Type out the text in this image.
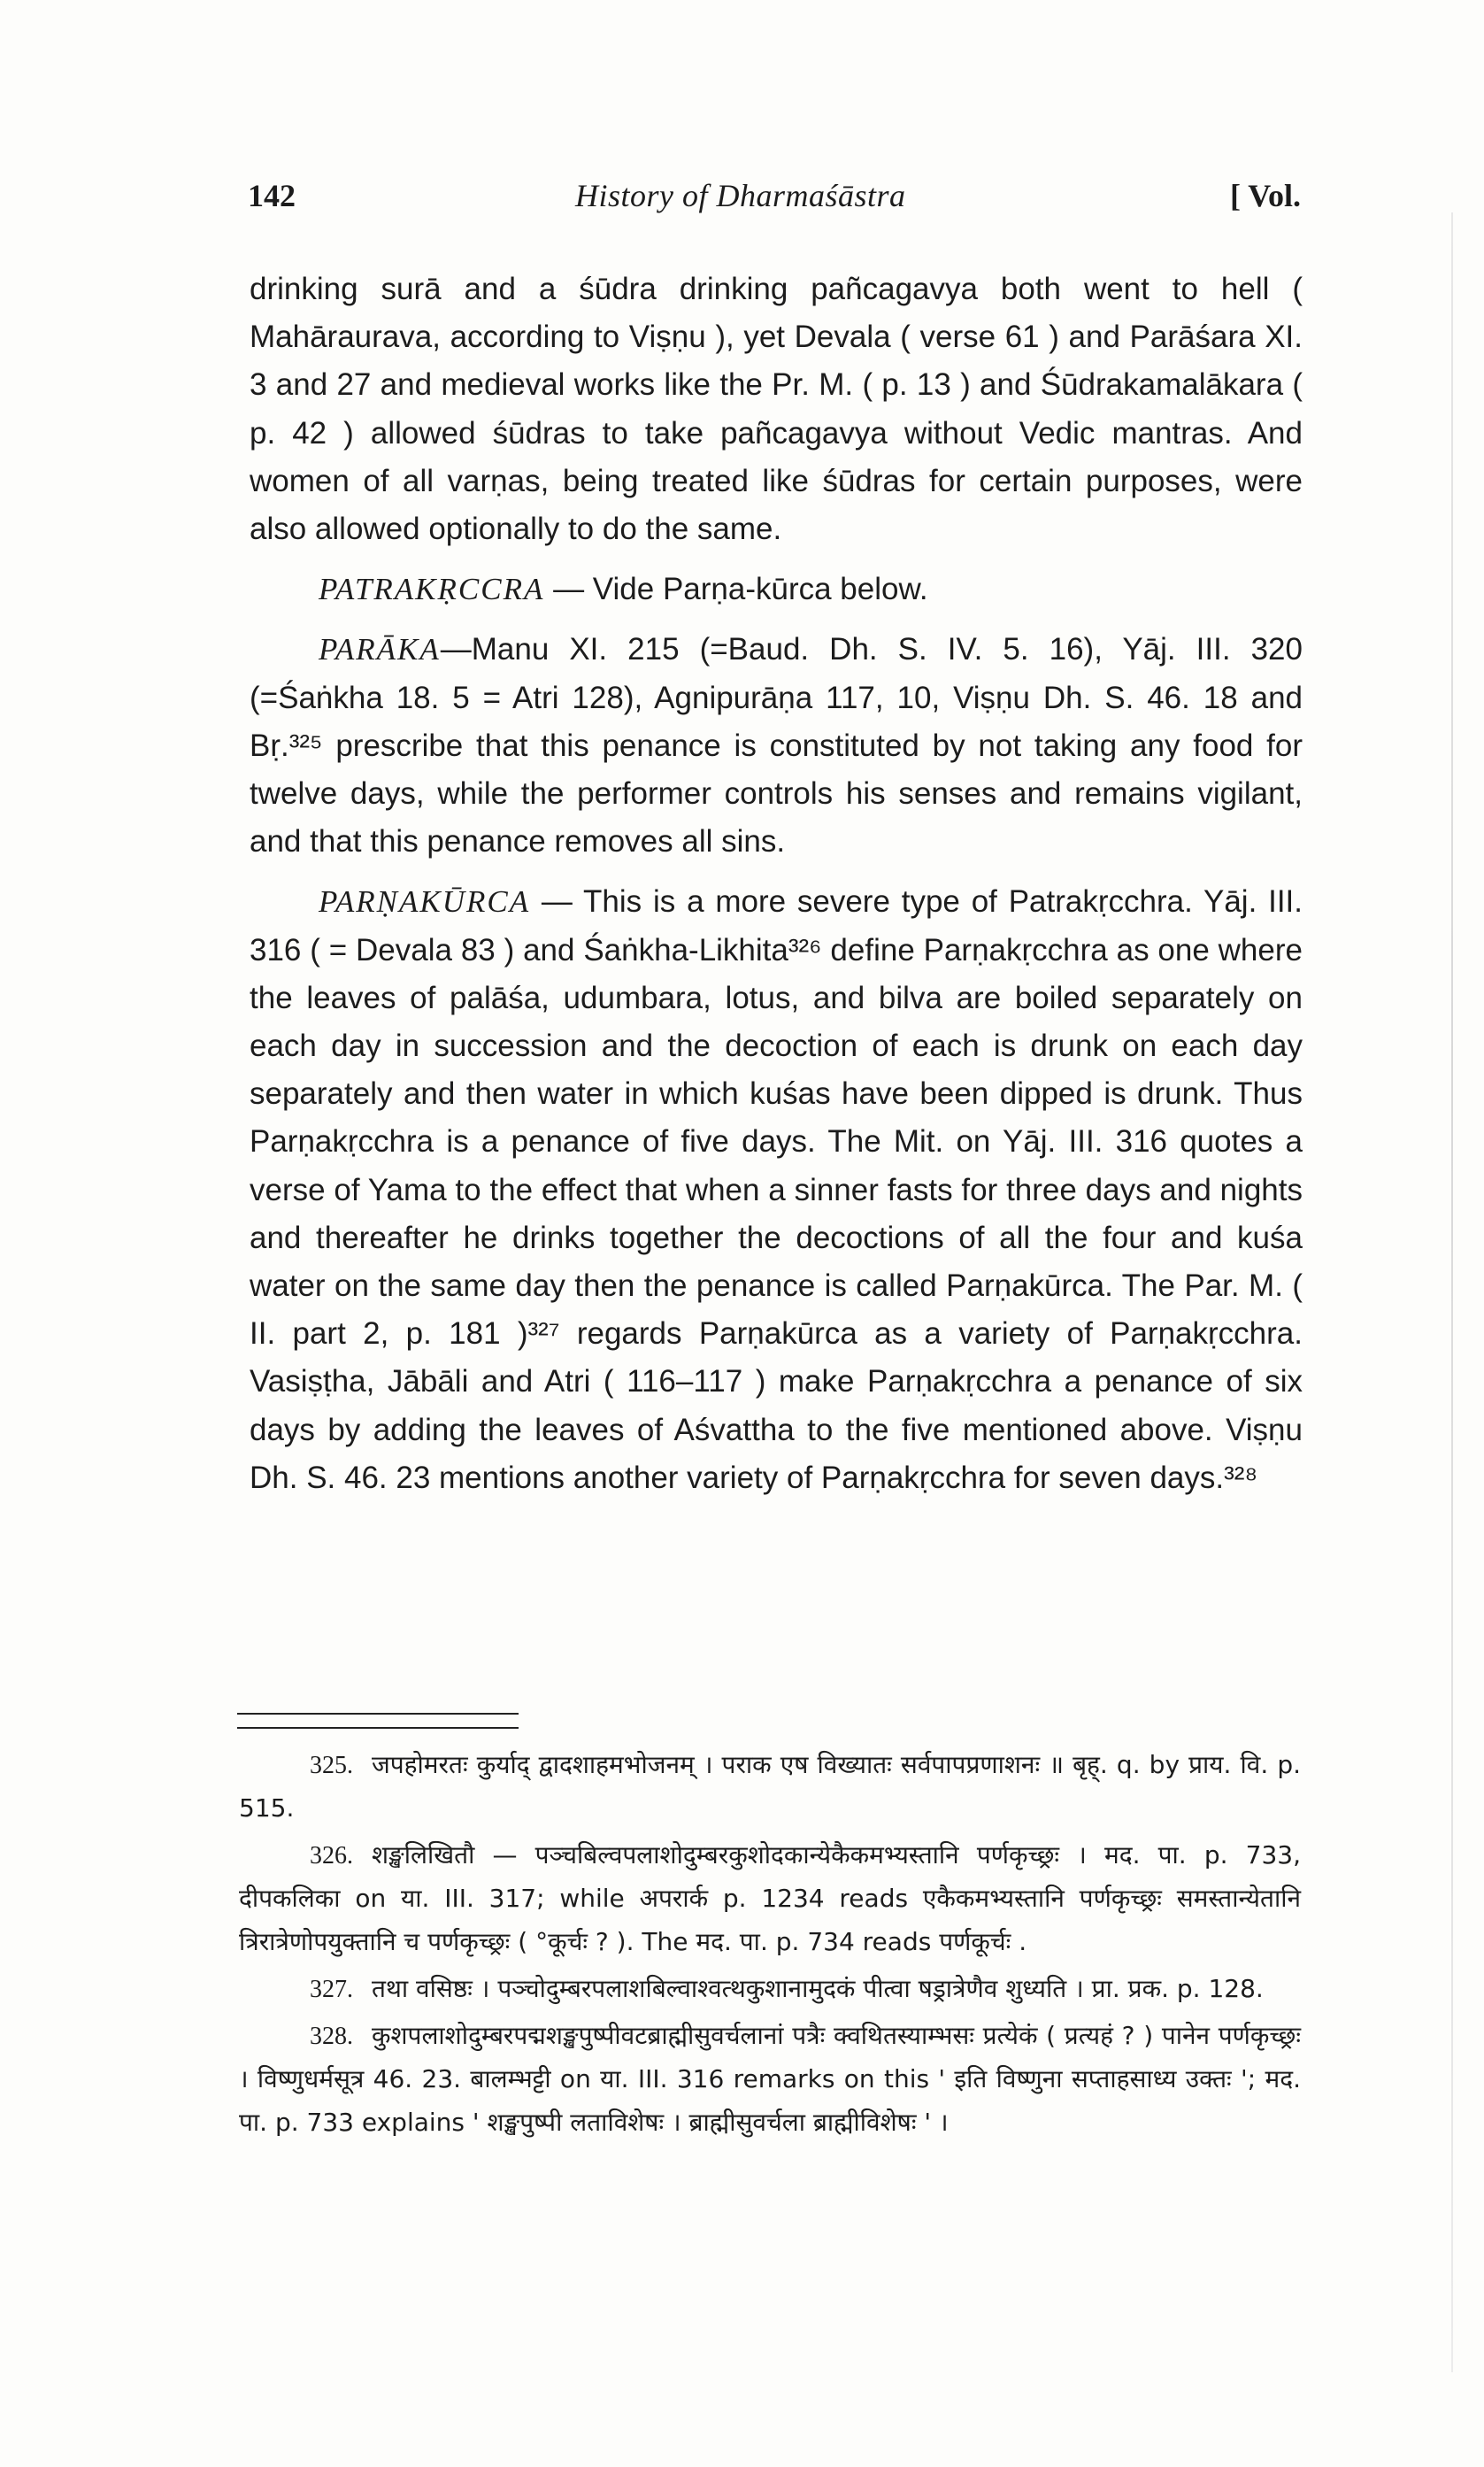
142	History of Dharmaśāstra	[ Vol.

drinking surā and a śūdra drinking pañcagavya both went to hell ( Mahāraurava, according to Viṣṇu ), yet Devala ( verse 61 ) and Parāśara XI. 3 and 27 and medieval works like the Pr. M. ( p. 13 ) and Śūdrakamalākara ( p. 42 ) allowed śūdras to take pañcagavya without Vedic mantras. And women of all varṇas, being treated like śūdras for certain purposes, were also allowed optionally to do the same.

PATRAKṚCCRA — Vide Parṇa-kūrca below.

PARĀKA—Manu XI. 215 (=Baud. Dh. S. IV. 5. 16), Yāj. III. 320 (=Śaṅkha 18. 5 = Atri 128), Agnipurāṇa 117, 10, Viṣṇu Dh. S. 46. 18 and Bṛ.³²⁵ prescribe that this penance is constituted by not taking any food for twelve days, while the performer controls his senses and remains vigilant, and that this penance removes all sins.

PARṆAKŪRCA — This is a more severe type of Patrakṛcchra. Yāj. III. 316 ( = Devala 83 ) and Śaṅkha-Likhita³²⁶ define Parṇakṛcchra as one where the leaves of palāśa, udumbara, lotus, and bilva are boiled separately on each day in succession and the decoction of each is drunk on each day separately and then water in which kuśas have been dipped is drunk. Thus Parṇakṛcchra is a penance of five days. The Mit. on Yāj. III. 316 quotes a verse of Yama to the effect that when a sinner fasts for three days and nights and thereafter he drinks together the decoctions of all the four and kuśa water on the same day then the penance is called Parṇakūrca. The Par. M. ( II. part 2, p. 181 )³²⁷ regards Parṇakūrca as a variety of Parṇakṛcchra. Vasiṣṭha, Jābāli and Atri ( 116–117 ) make Parṇakṛcchra a penance of six days by adding the leaves of Aśvattha to the five mentioned above. Viṣṇu Dh. S. 46. 23 mentions another variety of Parṇakṛcchra for seven days.³²⁸

325. जपहोमरतः कुर्याद् द्वादशाहमभोजनम् । पराक एष विख्यातः सर्वपापप्रणाशनः ॥ बृह्. q. by प्राय. वि. p. 515.

326. शङ्खलिखितौ — पञ्चबिल्वपलाशोदुम्बरकुशोदकान्येकैकमभ्यस्तानि पर्णकृच्छ्रः । मद. पा. p. 733, दीपकलिका on या. III. 317; while अपरार्क p. 1234 reads एकैकमभ्यस्तानि पर्णकृच्छ्रः समस्तान्येतानि त्रिरात्रेणोपयुक्तानि च पर्णकृच्छ्रः ( °कूर्चः ? ). The मद. पा. p. 734 reads पर्णकूर्चः .

327. तथा वसिष्ठः । पञ्चोदुम्बरपलाशबिल्वाश्वत्थकुशानामुदकं पीत्वा षड्रात्रेणैव शुध्यति । प्रा. प्रक. p. 128.

328. कुशपलाशोदुम्बरपद्मशङ्खपुष्पीवटब्राह्मीसुवर्चलानां पत्रैः क्वथितस्याम्भसः प्रत्येकं ( प्रत्यहं ? ) पानेन पर्णकृच्छ्रः । विष्णुधर्मसूत्र 46. 23. बालम्भट्टी on या. III. 316 remarks on this ' इति विष्णुना सप्ताहसाध्य उक्तः '; मद. पा. p. 733 explains ' शङ्खपुष्पी लताविशेषः । ब्राह्मीसुवर्चला ब्राह्मीविशेषः ' ।
